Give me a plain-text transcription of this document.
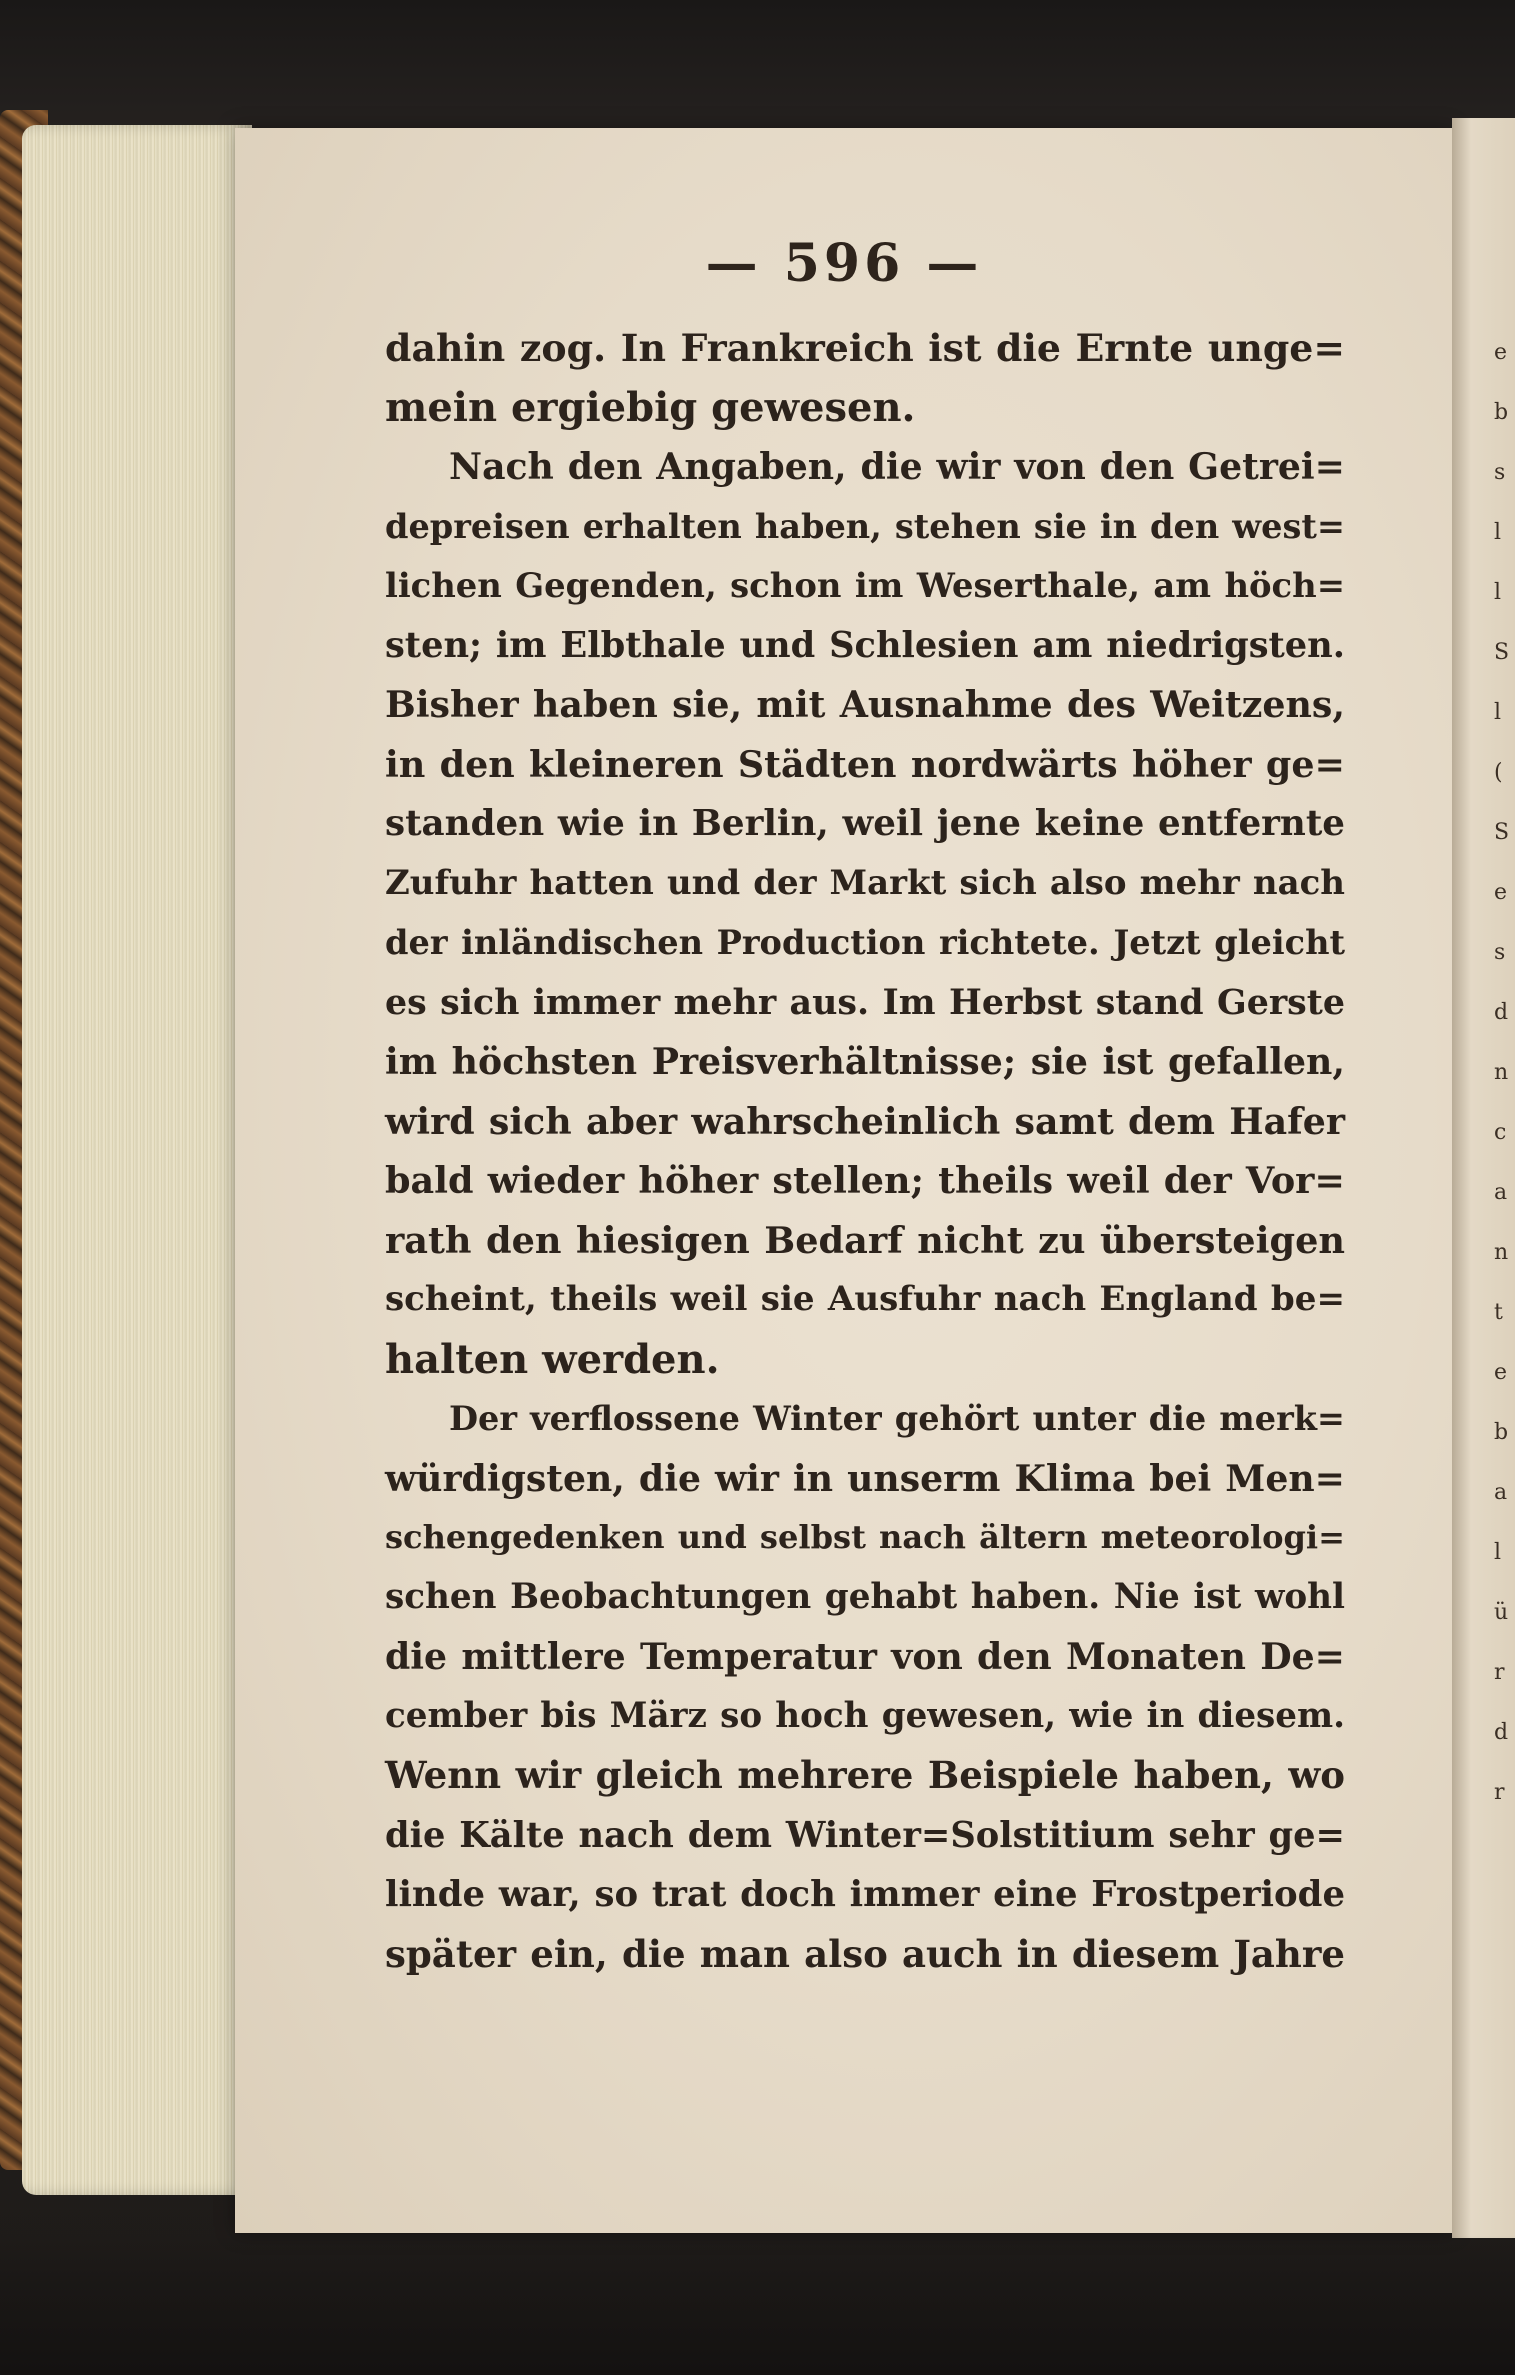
— 596 —
dahin zog. In Frankreich ist die Ernte unge=
mein ergiebig gewesen.
Nach den Angaben, die wir von den Getrei=
depreisen erhalten haben, stehen sie in den west=
lichen Gegenden, schon im Weserthale, am höch=
sten; im Elbthale und Schlesien am niedrigsten.
Bisher haben sie, mit Ausnahme des Weitzens,
in den kleineren Städten nordwärts höher ge=
standen wie in Berlin, weil jene keine entfernte
Zufuhr hatten und der Markt sich also mehr nach
der inländischen Production richtete. Jetzt gleicht
es sich immer mehr aus. Im Herbst stand Gerste
im höchsten Preisverhältnisse; sie ist gefallen,
wird sich aber wahrscheinlich samt dem Hafer
bald wieder höher stellen; theils weil der Vor=
rath den hiesigen Bedarf nicht zu übersteigen
scheint, theils weil sie Ausfuhr nach England be=
halten werden.
Der verflossene Winter gehört unter die merk=
würdigsten, die wir in unserm Klima bei Men=
schengedenken und selbst nach ältern meteorologi=
schen Beobachtungen gehabt haben. Nie ist wohl
die mittlere Temperatur von den Monaten De=
cember bis März so hoch gewesen, wie in diesem.
Wenn wir gleich mehrere Beispiele haben, wo
die Kälte nach dem Winter=Solstitium sehr ge=
linde war, so trat doch immer eine Frostperiode
später ein, die man also auch in diesem Jahre
e
b
s
l
l
S
l
(
S
e
s
d
n
c
a
n
t
e
b
a
l
ü
r
d
r
